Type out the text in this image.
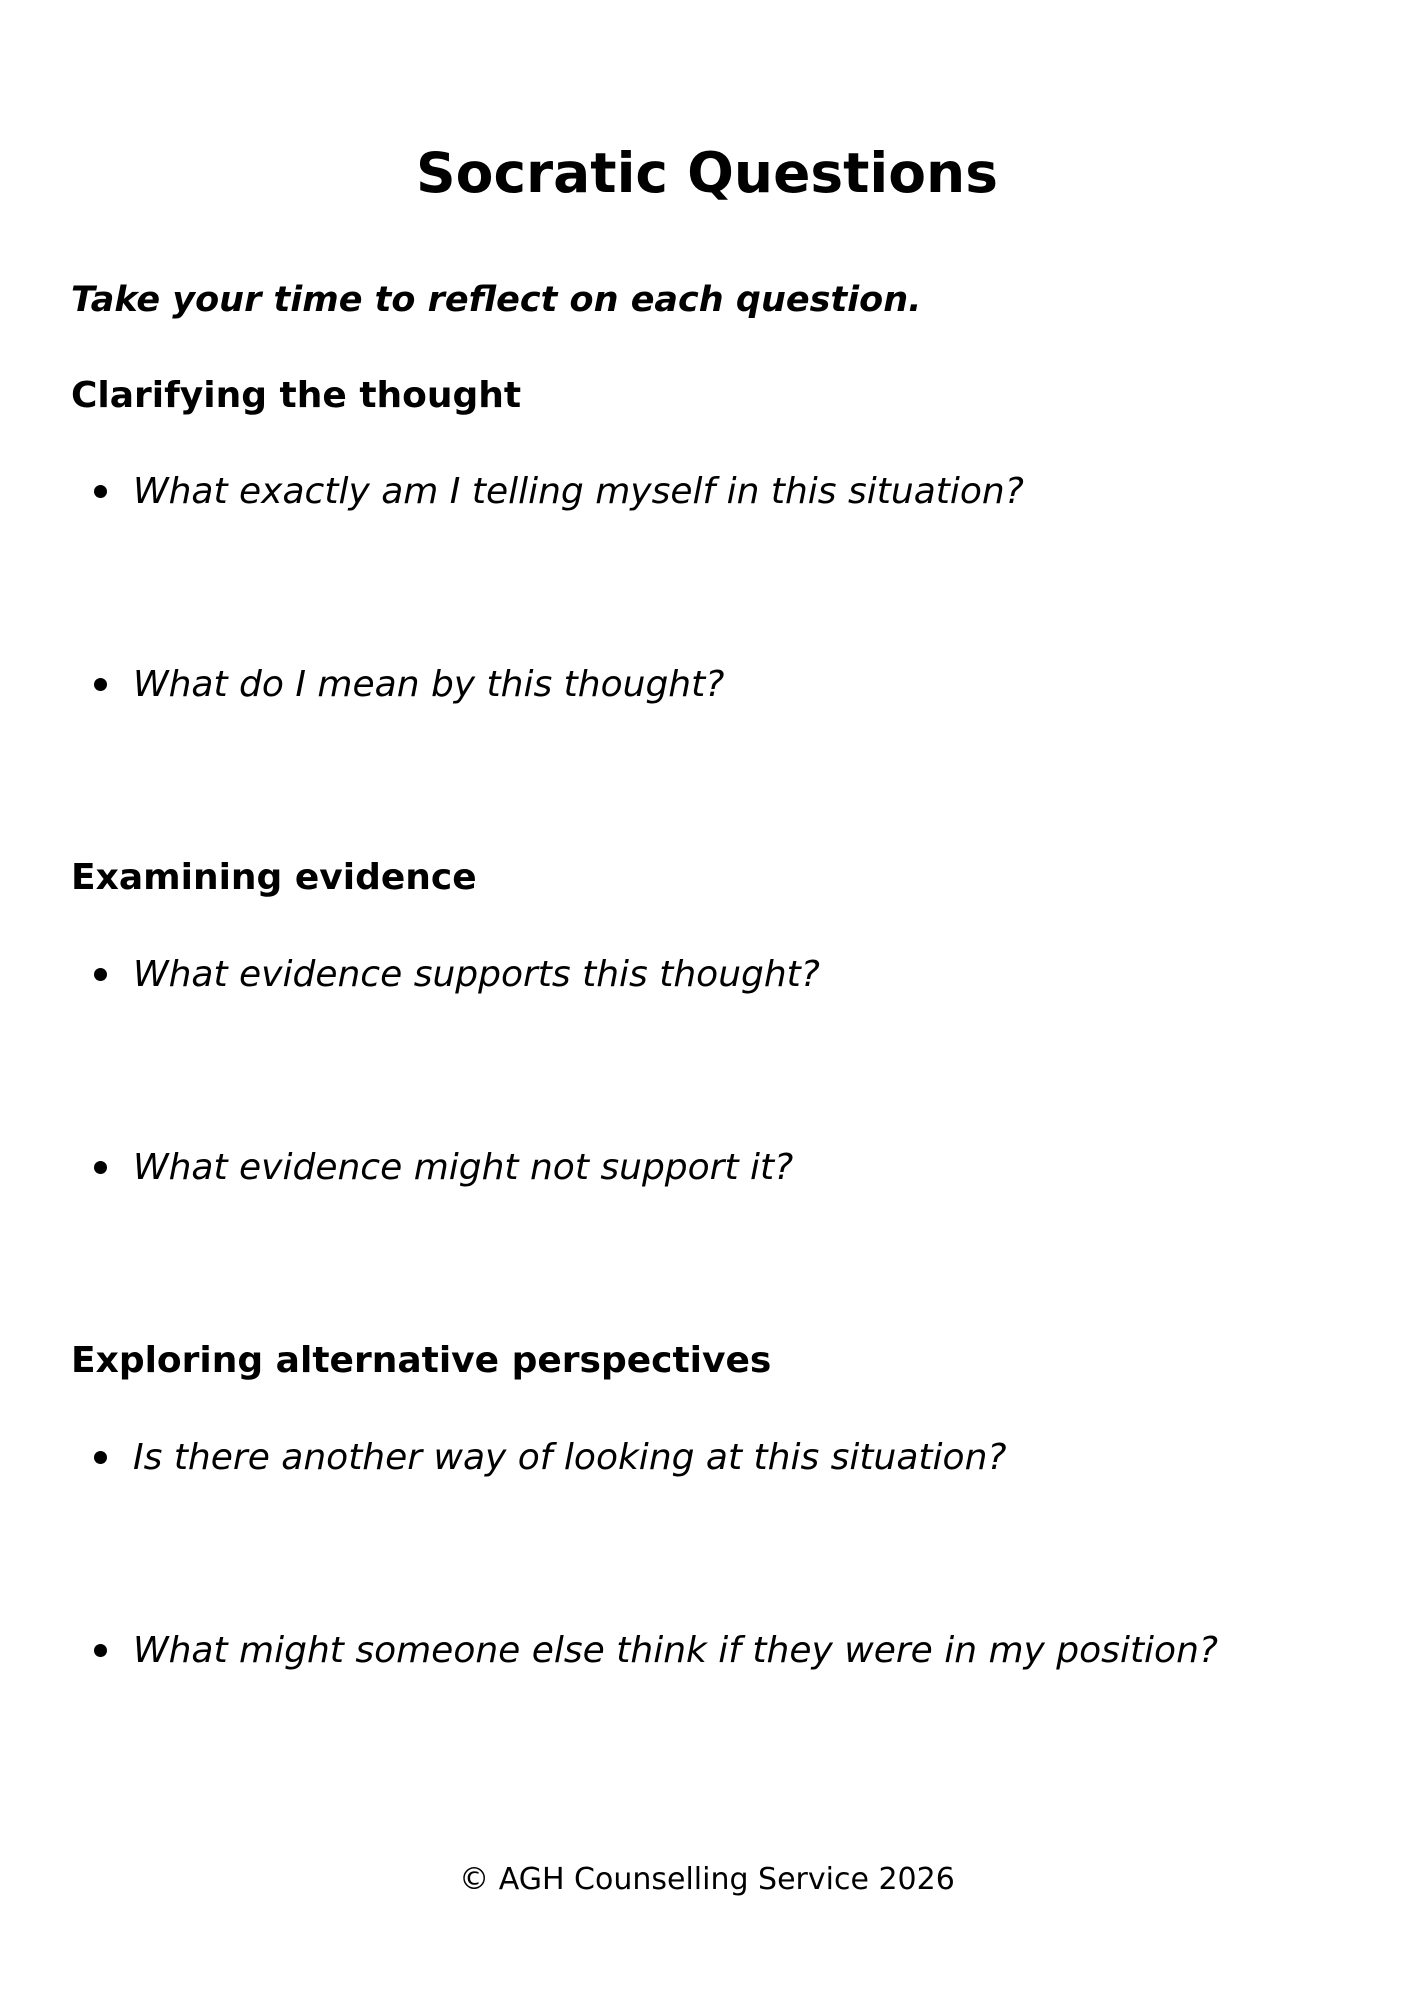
Socratic Questions

Take your time to reflect on each question.

Clarifying the thought
What exactly am I telling myself in this situation?
What do I mean by this thought?
Examining evidence
What evidence supports this thought?
What evidence might not support it?
Exploring alternative perspectives
Is there another way of looking at this situation?
What might someone else think if they were in my position?

© AGH Counselling Service 2026
